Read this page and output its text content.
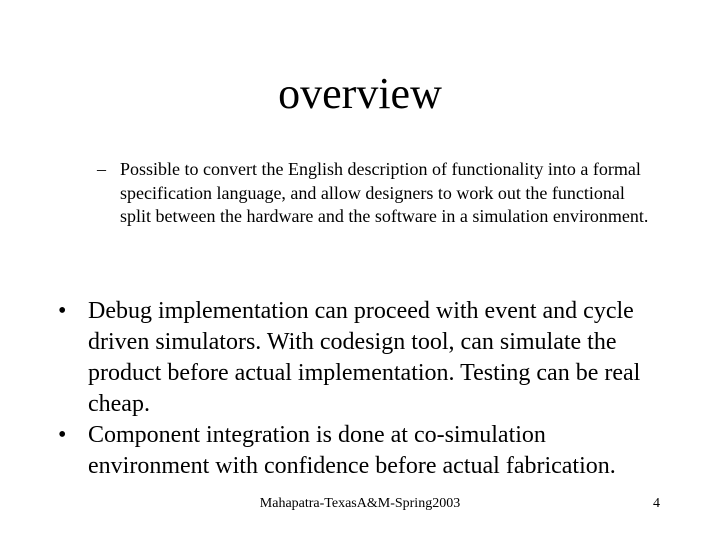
overview
– Possible to convert the English description of functionality into a formal specification language, and allow designers to work out the functional split between the hardware and the software in a simulation environment.
• Debug implementation can proceed with event and cycle driven simulators. With codesign tool, can simulate the product before actual implementation. Testing can be real cheap.
• Component integration is done at co-simulation environment with confidence before actual fabrication.
Mahapatra-TexasA&M-Spring2003	4
